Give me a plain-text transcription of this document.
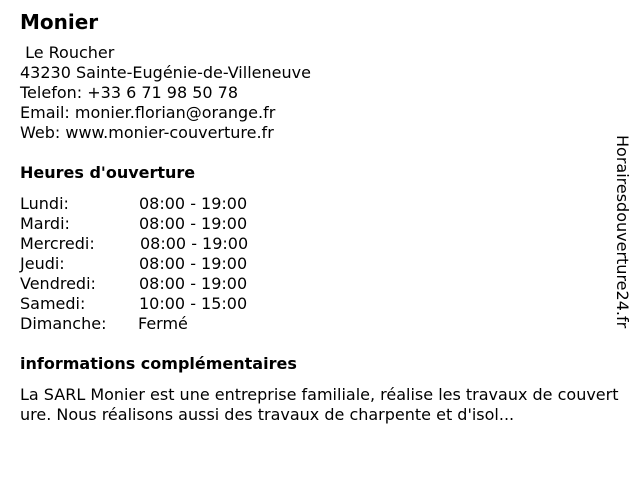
Monier
Le Roucher
43230 Sainte-Eugénie-de-Villeneuve
Telefon: +33 6 71 98 50 78
Email: monier.florian@orange.fr
Web: www.monier-couverture.fr
Heures d'ouverture
Lundi:	08:00 - 19:00
Mardi:	08:00 - 19:00
Mercredi:	08:00 - 19:00
Jeudi:	08:00 - 19:00
Vendredi:	08:00 - 19:00
Samedi:	10:00 - 15:00
Dimanche: Fermé
informations complémentaires

La SARL Monier est une entreprise familiale, réalise les travaux de couverture. Nous réalisons aussi des travaux de charpente et d'isol...

Horairesdouverture24.fr
